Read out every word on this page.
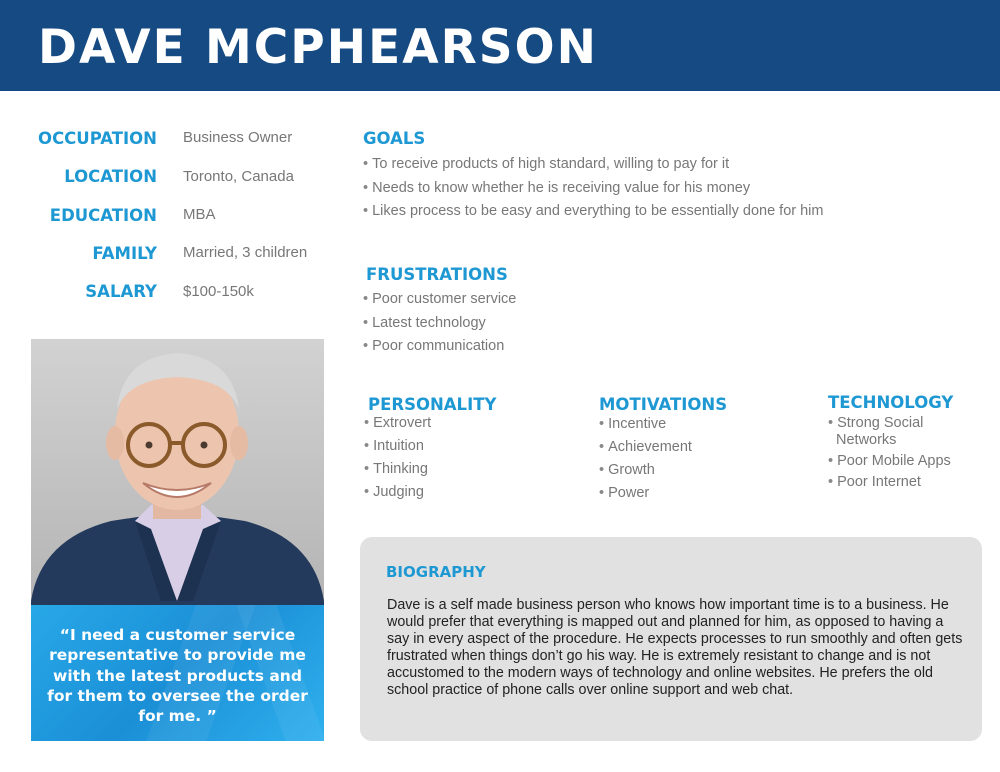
DAVE MCPHEARSON
OCCUPATION Business Owner
LOCATION Toronto, Canada
EDUCATION MBA
FAMILY Married, 3 children
SALARY $100-150k
“I need a customer service representative to provide me with the latest products and for them to oversee the order for me. ”
GOALS
• To receive products of high standard, willing to pay for it
• Needs to know whether he is receiving value for his money
• Likes process to be easy and everything to be essentially done for him
FRUSTRATIONS
• Poor customer service
• Latest technology
• Poor communication
PERSONALITY
• Extrovert
• Intuition
• Thinking
• Judging
MOTIVATIONS
• Incentive
• Achievement
• Growth
• Power
TECHNOLOGY
• Strong Social Networks
• Poor Mobile Apps
• Poor Internet
BIOGRAPHY
Dave is a self made business person who knows how important time is to a business. He would prefer that everything is mapped out and planned for him, as opposed to having a say in every aspect of the procedure. He expects processes to run smoothly and often gets frustrated when things don’t go his way. He is extremely resistant to change and is not accustomed to the modern ways of technology and online websites. He prefers the old school practice of phone calls over online support and web chat.
